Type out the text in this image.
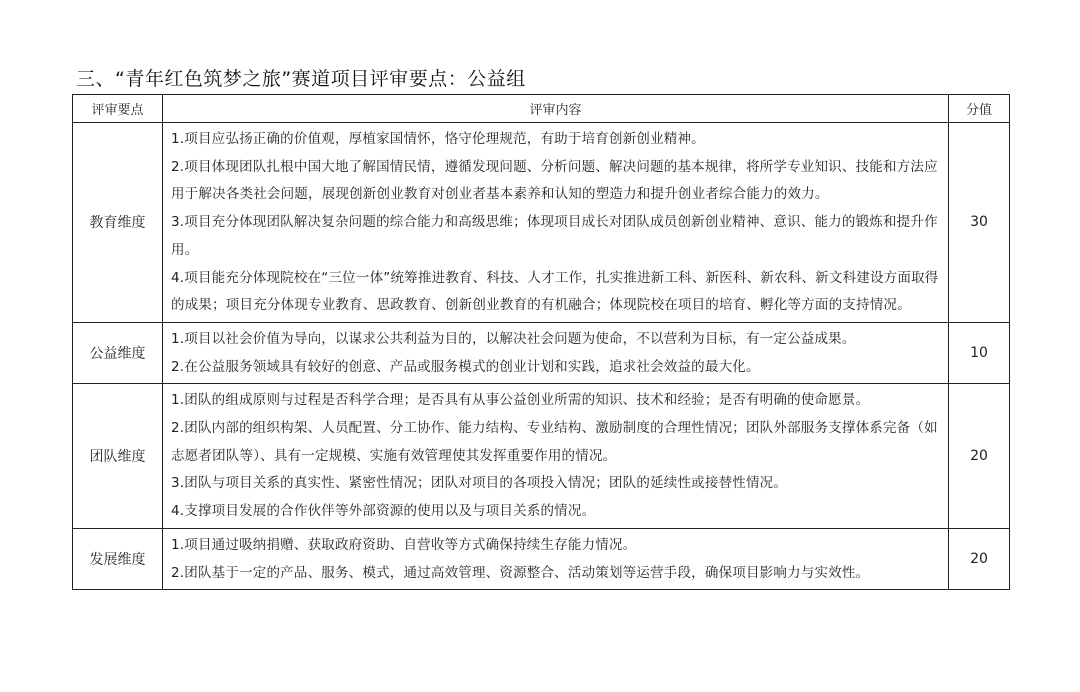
三、“青年红色筑梦之旅”赛道项目评审要点：公益组
评审要点	评审内容	分值
教育维度	1.项目应弘扬正确的价值观，厚植家国情怀，恪守伦理规范，有助于培育创新创业精神。
2.项目体现团队扎根中国大地了解国情民情，遵循发现问题、分析问题、解决问题的基本规律，将所学专业知识、技能和方法应用于解决各类社会问题，展现创新创业教育对创业者基本素养和认知的塑造力和提升创业者综合能力的效力。
3.项目充分体现团队解决复杂问题的综合能力和高级思维；体现项目成长对团队成员创新创业精神、意识、能力的锻炼和提升作用。
4.项目能充分体现院校在“三位一体”统筹推进教育、科技、人才工作，扎实推进新工科、新医科、新农科、新文科建设方面取得的成果；项目充分体现专业教育、思政教育、创新创业教育的有机融合；体现院校在项目的培育、孵化等方面的支持情况。	30
公益维度	1.项目以社会价值为导向，以谋求公共利益为目的，以解决社会问题为使命，不以营利为目标，有一定公益成果。
2.在公益服务领域具有较好的创意、产品或服务模式的创业计划和实践，追求社会效益的最大化。	10
团队维度	1.团队的组成原则与过程是否科学合理；是否具有从事公益创业所需的知识、技术和经验；是否有明确的使命愿景。
2.团队内部的组织构架、人员配置、分工协作、能力结构、专业结构、激励制度的合理性情况；团队外部服务支撑体系完备（如志愿者团队等）、具有一定规模、实施有效管理使其发挥重要作用的情况。
3.团队与项目关系的真实性、紧密性情况；团队对项目的各项投入情况；团队的延续性或接替性情况。
4.支撑项目发展的合作伙伴等外部资源的使用以及与项目关系的情况。	20
发展维度	1.项目通过吸纳捐赠、获取政府资助、自营收等方式确保持续生存能力情况。
2.团队基于一定的产品、服务、模式，通过高效管理、资源整合、活动策划等运营手段，确保项目影响力与实效性。	20
